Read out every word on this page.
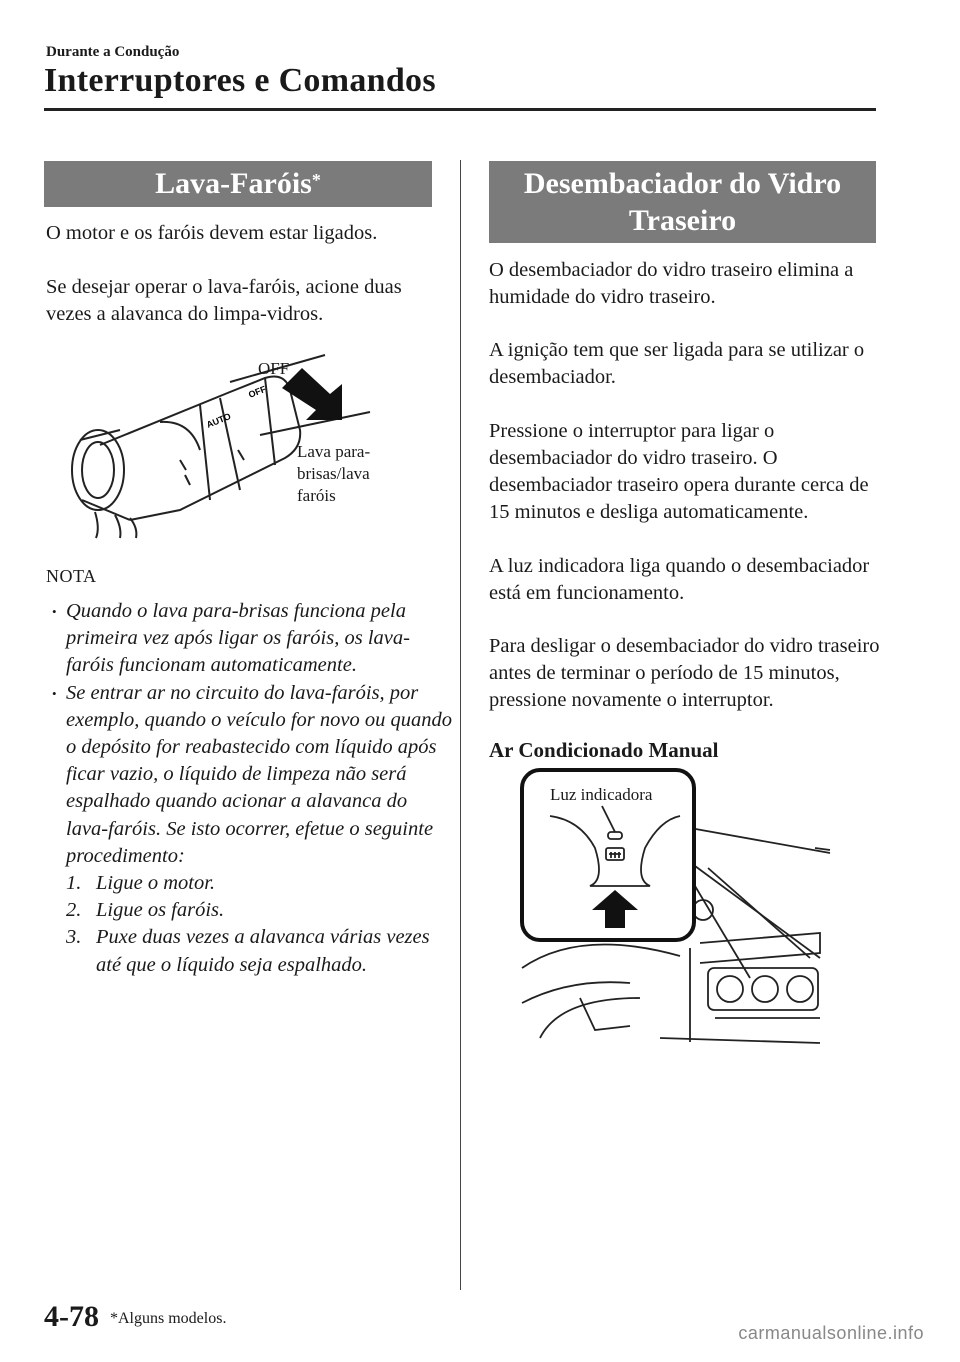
Durante a Condução
Interruptores e Comandos
Lava-Faróis*
O motor e os faróis devem estar ligados.
Se desejar operar o lava-faróis, acione duas vezes a alavanca do limpa-vidros.
AUTO
OFF
OFF
Lava para-
brisas/lava
faróis
NOTA
• Quando o lava para-brisas funciona pela primeira vez após ligar os faróis, os lava-faróis funcionam automaticamente.
• Se entrar ar no circuito do lava-faróis, por exemplo, quando o veículo for novo ou quando o depósito for reabastecido com líquido após ficar vazio, o líquido de limpeza não será espalhado quando acionar a alavanca do lava-faróis. Se isto ocorrer, efetue o seguinte procedimento:
1. Ligue o motor.
2. Ligue os faróis.
3. Puxe duas vezes a alavanca várias vezes até que o líquido seja espalhado.
Desembaciador do Vidro
Traseiro
O desembaciador do vidro traseiro elimina a humidade do vidro traseiro.
A ignição tem que ser ligada para se utilizar o desembaciador.
Pressione o interruptor para ligar o desembaciador do vidro traseiro. O desembaciador traseiro opera durante cerca de 15 minutos e desliga automaticamente.
A luz indicadora liga quando o desembaciador está em funcionamento.
Para desligar o desembaciador do vidro traseiro antes de terminar o período de 15 minutos, pressione novamente o interruptor.
Ar Condicionado Manual
Luz indicadora
4-78 *Alguns modelos.
carmanualsonline.info
